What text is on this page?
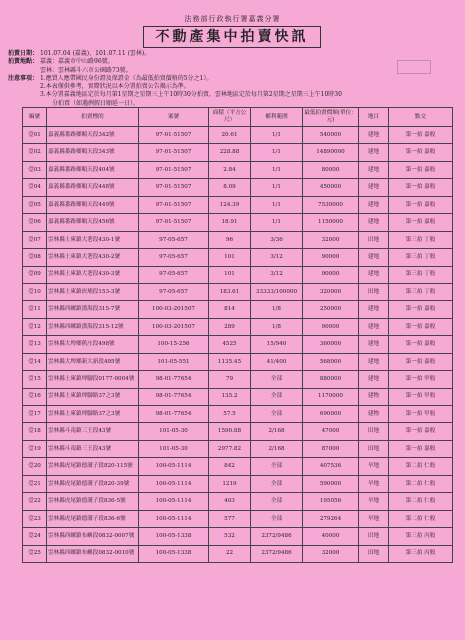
法務部行政執行署嘉義分署
不動產集中拍賣快訊
拍賣日期： 101.07.04 (嘉義)、101.07.11 (雲林)。
拍賣地點： 嘉義：嘉義市中山路96號。
雲林：雲林縣斗六市公園路73號。
注意事項： 1.應買人應帶國民身份證及保證金（為最低拍賣價格的5分之1）。
2.本表僅供參考，實際狀況以本分署拍賣公告揭示為準。
3.本分署嘉義地區定於每月第1星期之星期三上午10時30分拍賣，雲林地區定於每月第2星期之星期三上午10時30
分拍賣（如遇例假日順延一日）。
編號	拍賣標的	案號	面積（平方公尺）	權利範圍	最低拍賣價額(單位：元)	地目	點交
壹01	嘉義縣番路鄉順天段342號	97-01-51507	20.61	1/1	540000	建地	第一拍 嘉般
壹02	嘉義縣番路鄉順天段343號	97-01-51507	228.88	1/1	14890000	建地	第一拍 嘉般
壹03	嘉義縣番路鄉順天段404號	97-01-51507	2.84	1/1	80000	建地	第一拍 嘉般
壹04	嘉義縣番路鄉順天段448號	97-01-51507	8.09	1/1	450000	建地	第一拍 嘉般
壹05	嘉義縣番路鄉順天段449號	97-01-51507	124.39	1/1	7530000	建地	第一拍 嘉般
壹06	嘉義縣番路鄉順天段456號	97-01-51507	18.91	1/1	1150000	建地	第一拍 嘉般
壹07	雲林縣土庫鎮大荖段430-1號	97-05-657	96	3/36	32000	田地	第三拍 丁般
壹08	雲林縣土庫鎮大荖段430-2號	97-05-657	101	3/12	90000	建地	第三拍 丁般
壹09	雲林縣土庫鎮大荖段430-3號	97-05-657	101	3/12	90000	建地	第三拍 丁般
壹10	雲林縣土庫鎮崁埔段153-3號	97-05-657	183.61	33333/100000	320000	田地	第三拍 丁般
壹11	雲林縣西螺鎮漢海段315-7號	100-03-201507	814	1/8	250000	建地	第一拍 嘉般
壹12	雲林縣西螺鎮漢海段315-12號	100-03-201507	289	1/8	90000	建地	第一拍 嘉般
壹13	雲林縣大埤鄉舊庄段498號	100-15-256	4525	15/940	360000	建地	第一拍 嘉般
壹14	雲林縣大埤鄉新大新段495號	101-05-551	1135.45	41/400	568000	建地	第一拍 嘉般
壹15	雲林縣土庫鎮埤腳段0177-0004號	98-01-77654	79	全部	880000	建地	第一拍 甲般
壹16	雲林縣土庫鎮埤腳路37之3號	98-01-77654	135.2	全部	1170000	建物	第一拍 甲般
壹17	雲林縣土庫鎮埤腳路37之3號	98-01-77654	57.5	全部	690000	建物	第一拍 甲般
壹18	雲林縣斗南鎮三王段43號	101-05-30	1590.88	2/168	47000	田地	第一拍 嘉般
壹19	雲林縣斗南鎮三王段43號	101-05-30	2977.82	2/168	87000	田地	第一拍 嘉般
壹20	雲林縣虎尾鎮德溝子段820-115號	100-05-1114	842	全部	407536	旱地	第二拍 仁般
壹21	雲林縣虎尾鎮德溝子段820-39號	100-05-1114	1219	全部	590000	旱地	第二拍 仁般
壹22	雲林縣虎尾鎮德溝子段836-5號	100-05-1114	403	全部	195056	旱地	第二拍 仁般
壹23	雲林縣虎尾鎮德溝子段836-6號	100-05-1114	577	全部	279264	旱地	第二拍 仁般
壹24	雲林縣西螺鎮布嶼段0832-0007號	100-05-1338	532	2372/9486	40000	田地	第三拍 丙般
壹25	雲林縣西螺鎮布嶼段0832-0010號	100-05-1338	22	2372/9486	32000	田地	第三拍 丙般
